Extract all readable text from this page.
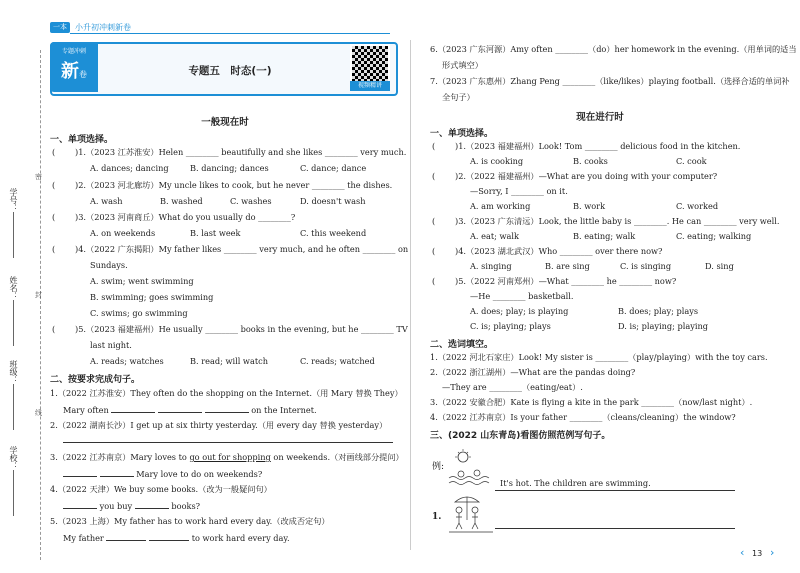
一本	小升初冲刺新卷
学号：
姓名：
班级：
学校：
密
封
线
专题冲刺
新卷	专题五　时态(一)
视频精讲
一般现在时
一、单项选择。
( )1.（2023 江苏淮安）Helen ________ beautifully and she likes ________ very much.
A. dances; dancing	B. dancing; dances	C. dance; dance
( )2.（2023 河北廊坊）My uncle likes to cook, but he never ________ the dishes.
A. wash	B. washed	C. washes	D. doesn't wash
( )3.（2023 河南商丘）What do you usually do ________?
A. on weekends	B. last week	C. this weekend
( )4.（2022 广东揭阳）My father likes ________ very much, and he often ________ on
Sundays.
A. swim; went swimming
B. swimming; goes swimming
C. swims; go swimming
( )5.（2023 福建福州）He usually ________ books in the evening, but he ________ TV
last night.
A. reads; watches	B. read; will watch	C. reads; watched
二、按要求完成句子。
1.（2022 江苏淮安）They often do the shopping on the Internet.（用 Mary 替换 They）
Mary often	on the Internet.
2.（2022 湖南长沙）I get up at six thirty yesterday.（用 every day 替换 yesterday）
3.（2022 江苏南京）Mary loves to go out for shopping on weekends.（对画线部分提问）
Mary love to do on weekends?
4.（2022 天津）We buy some books.（改为一般疑问句）
you buy	books?
5.（2023 上海）My father has to work hard every day.（改成否定句）
My father	to work hard every day.
6.（2023 广东河源）Amy often ________（do）her homework in the evening.（用单词的适当
形式填空）
7.（2023 广东惠州）Zhang Peng ________（like/likes）playing football.（选择合适的单词补
全句子）
现在进行时
一、单项选择。
( )1.（2023 福建福州）Look! Tom ________ delicious food in the kitchen.
A. is cooking	B. cooks	C. cook
( )2.（2022 福建福州）—What are you doing with your computer?
—Sorry, I ________ on it.
A. am working	B. work	C. worked
( )3.（2023 广东清远）Look, the little baby is ________. He can ________ very well.
A. eat; walk	B. eating; walk	C. eating; walking
( )4.（2023 湖北武汉）Who ________ over there now?
A. singing	B. are sing	C. is singing	D. sing
( )5.（2022 河南郑州）—What ________ he ________ now?
—He ________ basketball.
A. does; play; is playing	B. does; play; plays
C. is; playing; plays	D. is; playing; playing
二、选词填空。
1.（2022 河北石家庄）Look! My sister is ________（play/playing）with the toy cars.
2.（2022 浙江湖州）—What are the pandas doing?
—They are ________（eating/eat）.
3.（2022 安徽合肥）Kate is flying a kite in the park ________（now/last night）.
4.（2022 江苏南京）Is your father ________（cleans/cleaning）the window?
三、(2022 山东青岛)看图仿照范例写句子。
例:
It's hot. The children are swimming.
1.
‹ 13 ›
